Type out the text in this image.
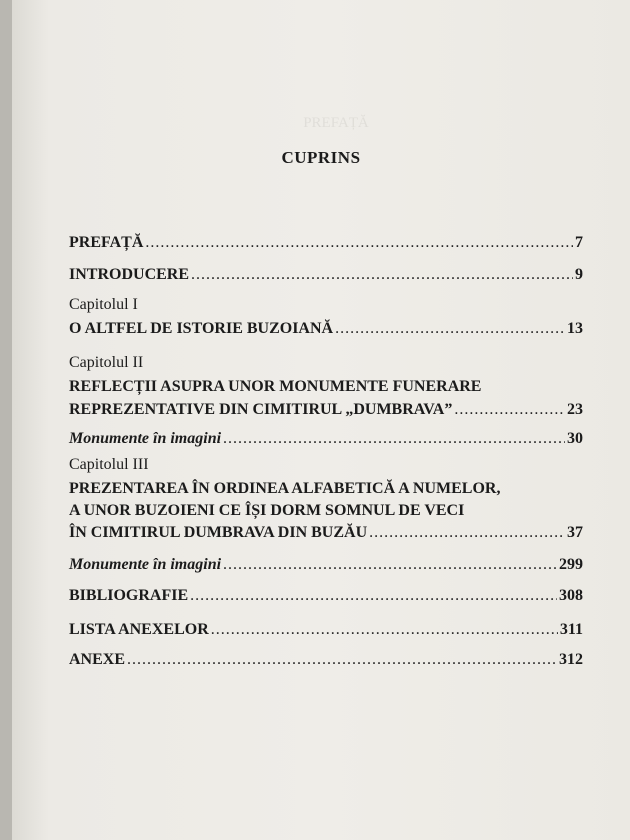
PREFAȚĂ
CUPRINS
PREFAȚĂ .....	7
INTRODUCERE .....	9
Capitolul I
O ALTFEL DE ISTORIE BUZOIANĂ .....	13
Capitolul II
REFLECȚII ASUPRA UNOR MONUMENTE FUNERARE
REPREZENTATIVE DIN CIMITIRUL „DUMBRAVA” .....	23
Monumente în imagini .....	30
Capitolul III
PREZENTAREA ÎN ORDINEA ALFABETICĂ A NUMELOR,
A UNOR BUZOIENI CE ÎȘI DORM SOMNUL DE VECI
ÎN CIMITIRUL DUMBRAVA DIN BUZĂU .....	37
Monumente în imagini .....	299
BIBLIOGRAFIE .....	308
LISTA ANEXELOR .....	311
ANEXE .....	312
